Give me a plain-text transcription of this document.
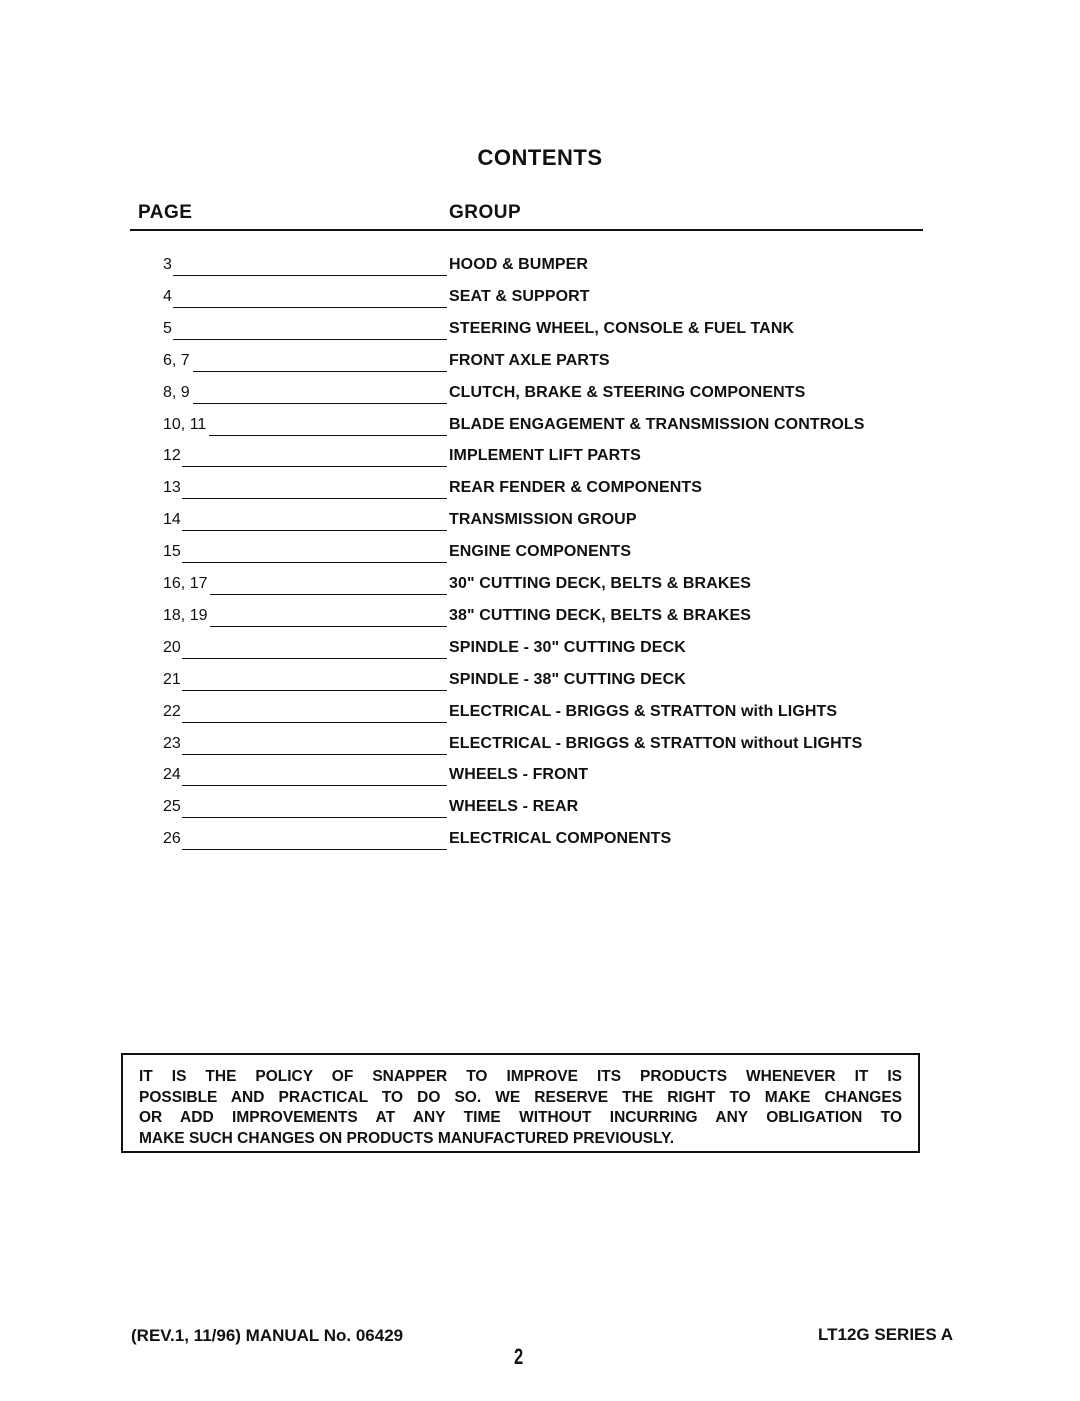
CONTENTS
PAGE	GROUP
3	HOOD & BUMPER
4	SEAT & SUPPORT
5	STEERING WHEEL, CONSOLE & FUEL TANK
6, 7	FRONT AXLE PARTS
8, 9	CLUTCH, BRAKE & STEERING COMPONENTS
10, 11	BLADE ENGAGEMENT & TRANSMISSION CONTROLS
12	IMPLEMENT LIFT PARTS
13	REAR FENDER & COMPONENTS
14	TRANSMISSION GROUP
15	ENGINE COMPONENTS
16, 17	30" CUTTING DECK, BELTS & BRAKES
18, 19	38" CUTTING DECK, BELTS & BRAKES
20	SPINDLE - 30" CUTTING DECK
21	SPINDLE - 38" CUTTING DECK
22	ELECTRICAL - BRIGGS & STRATTON with LIGHTS
23	ELECTRICAL - BRIGGS & STRATTON without LIGHTS
24	WHEELS - FRONT
25	WHEELS - REAR
26	ELECTRICAL COMPONENTS
IT IS THE POLICY OF SNAPPER TO IMPROVE ITS PRODUCTS WHENEVER IT IS
POSSIBLE AND PRACTICAL TO DO SO. WE RESERVE THE RIGHT TO MAKE CHANGES
OR ADD IMPROVEMENTS AT ANY TIME WITHOUT INCURRING ANY OBLIGATION TO
MAKE SUCH CHANGES ON PRODUCTS MANUFACTURED PREVIOUSLY.
(REV.1, 11/96) MANUAL No. 06429
2
LT12G SERIES A
